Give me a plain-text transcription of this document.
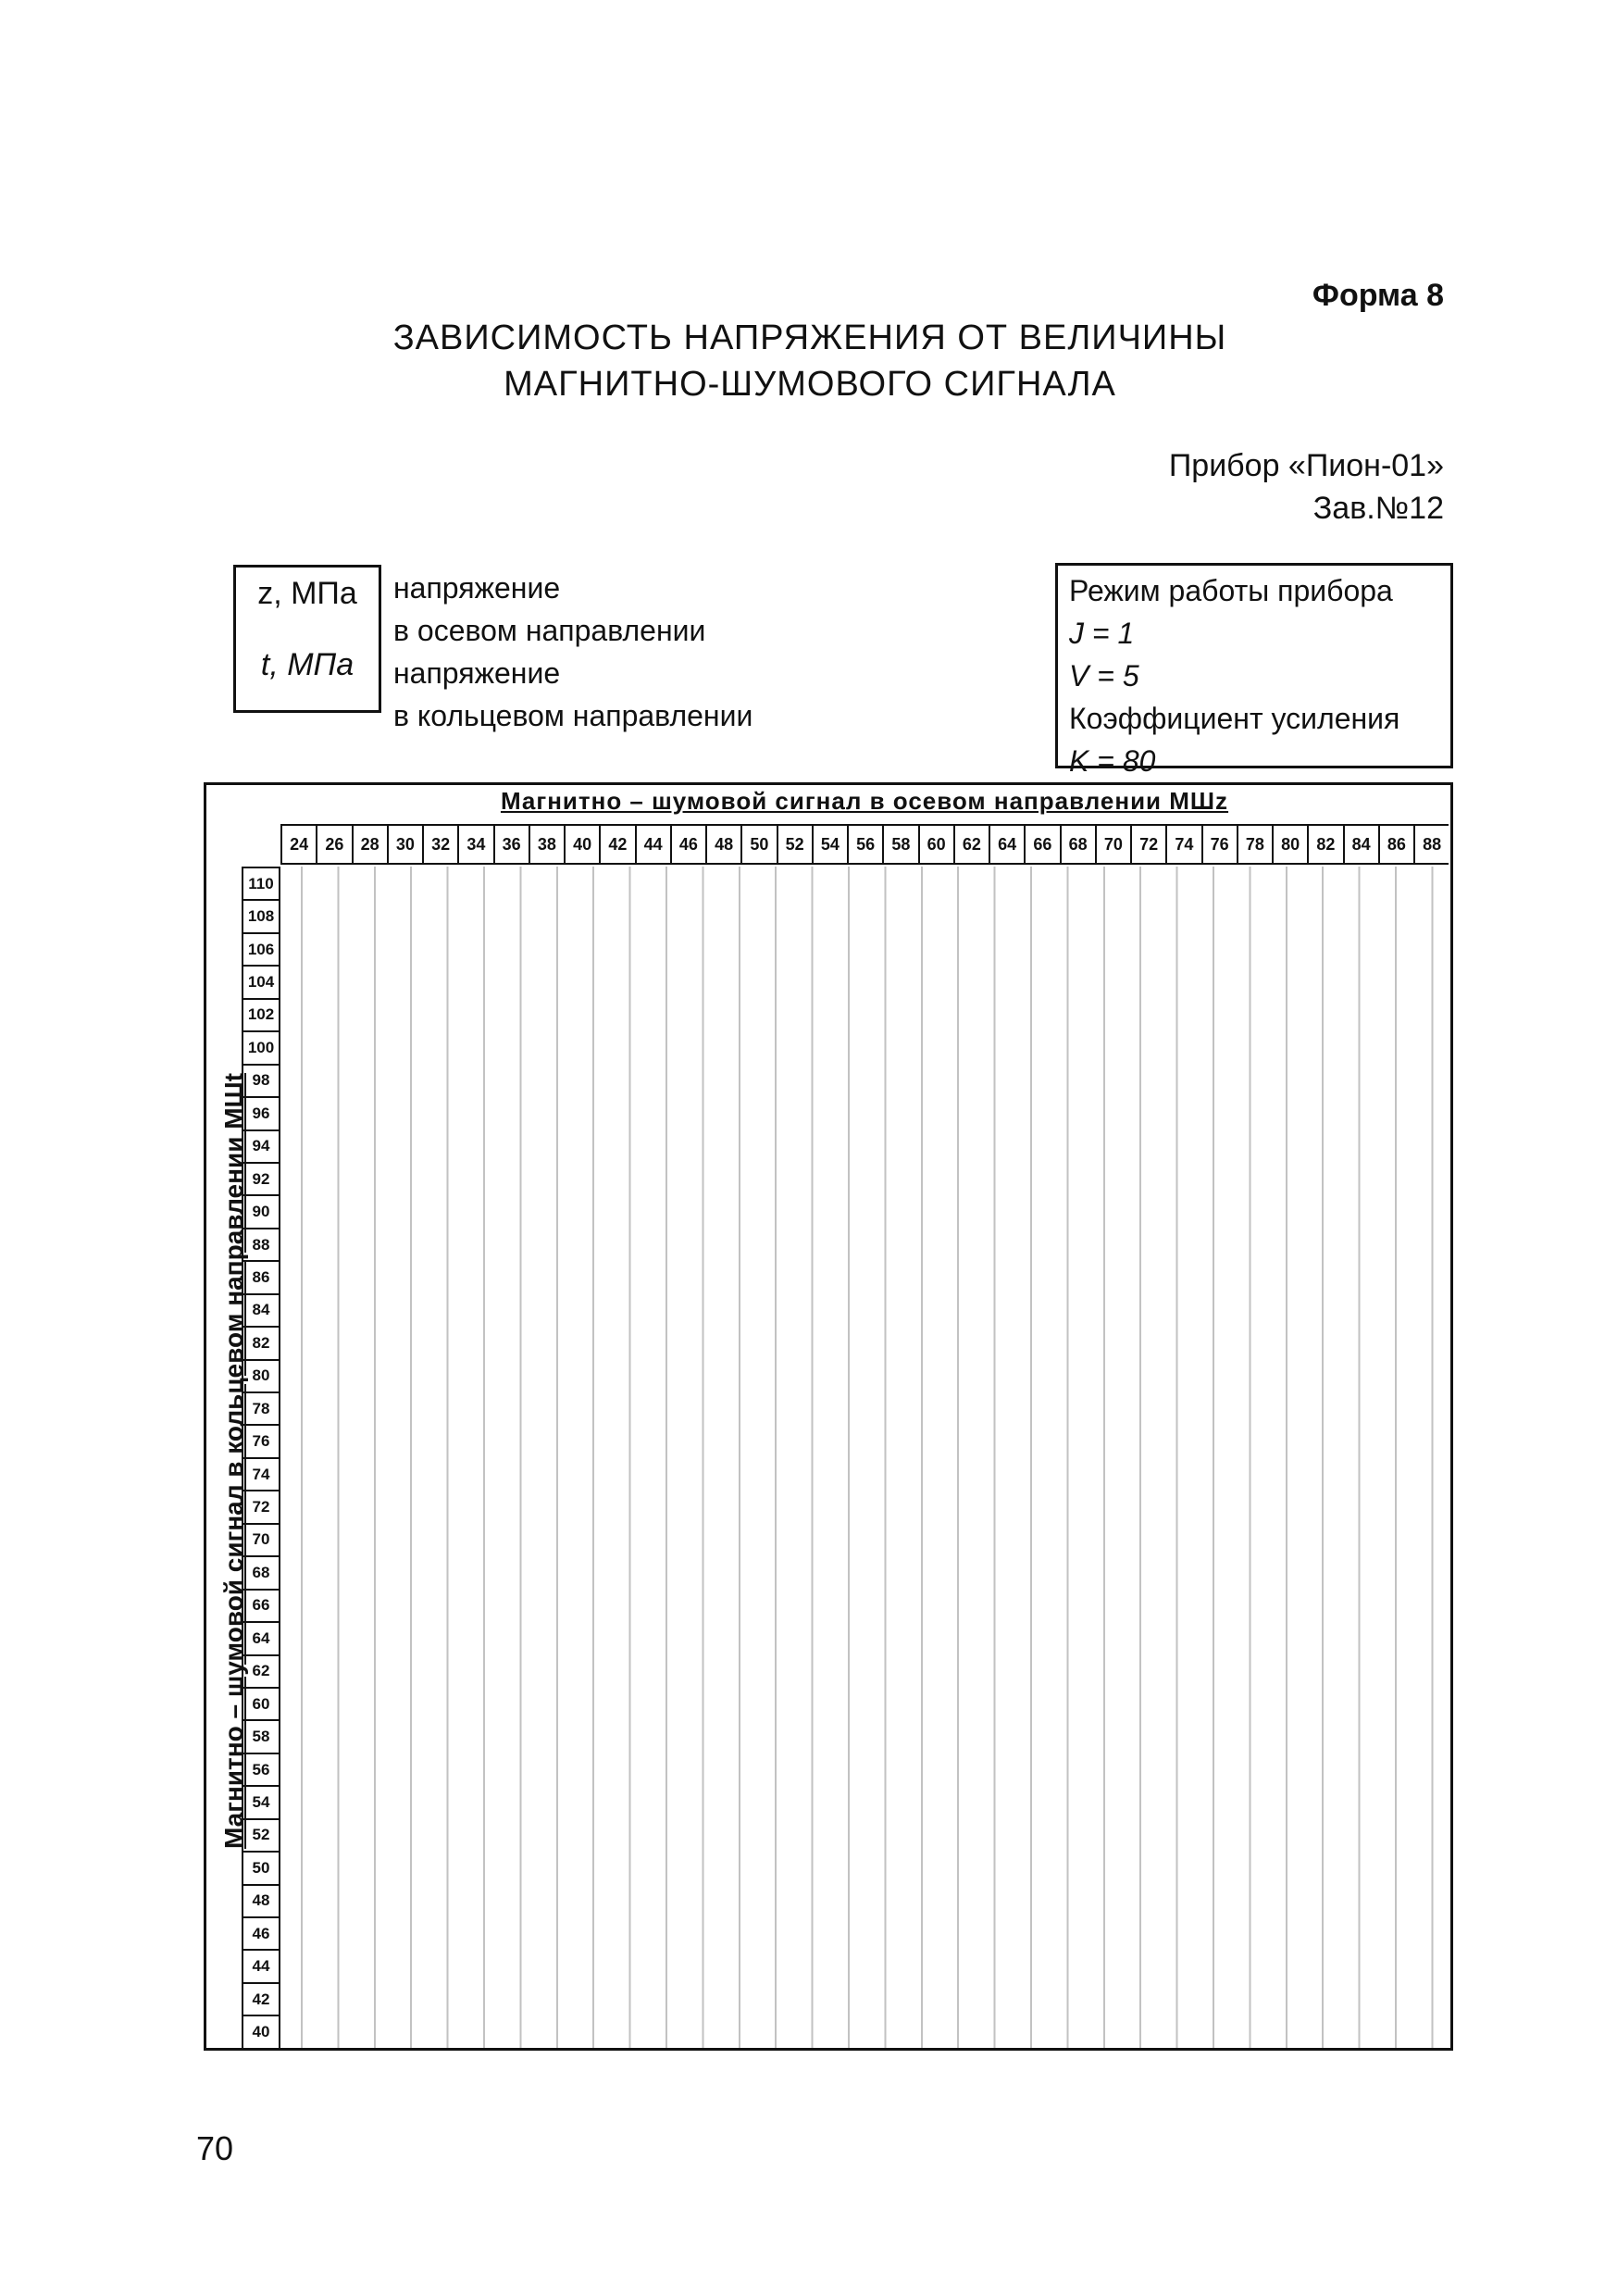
Форма 8
ЗАВИСИМОСТЬ НАПРЯЖЕНИЯ ОТ ВЕЛИЧИНЫ
МАГНИТНО-ШУМОВОГО СИГНАЛА
Прибор «Пион-01»
Зав.№12
z, МПа
t, МПа
напряжение
в осевом направлении
напряжение
в кольцевом направлении
Режим работы прибора
J = 1
V = 5
Коэффициент усиления
K = 80
Магнитно – шумовой сигнал в осевом направлении МШz
24	26	28	30	32	34	36	38	40	42	44	46	48	50	52	54	56	58	60	62	64	66	68	70	72	74	76	78	80	82	84	86	88
Магнитно – шумовой сигнал в кольцевом направлении МШt
110
108
106
104
102
100
98
96
94
92
90
88
86
84
82
80
78
76
74
72
70
68
66
64
62
60
58
56
54
52
50
48
46
44
42
40
70
